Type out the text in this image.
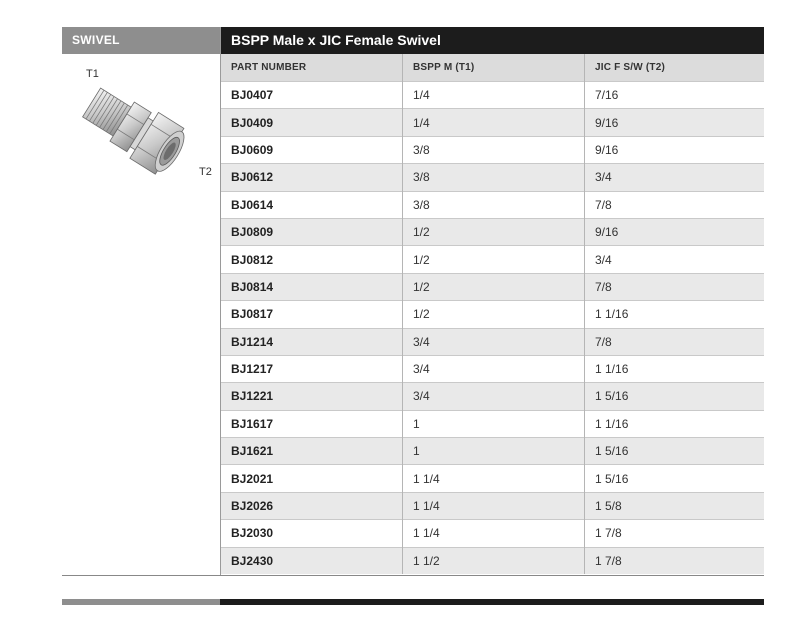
SWIVEL
T1
T2
BSPP Male x JIC Female Swivel
PART NUMBER	BSPP M (T1)	JIC F S/W (T2)
BJ0407	1/4	7/16
BJ0409	1/4	9/16
BJ0609	3/8	9/16
BJ0612	3/8	3/4
BJ0614	3/8	7/8
BJ0809	1/2	9/16
BJ0812	1/2	3/4
BJ0814	1/2	7/8
BJ0817	1/2	1 1/16
BJ1214	3/4	7/8
BJ1217	3/4	1 1/16
BJ1221	3/4	1 5/16
BJ1617	1	1 1/16
BJ1621	1	1 5/16
BJ2021	1 1/4	1 5/16
BJ2026	1 1/4	1 5/8
BJ2030	1 1/4	1 7/8
BJ2430	1 1/2	1 7/8
